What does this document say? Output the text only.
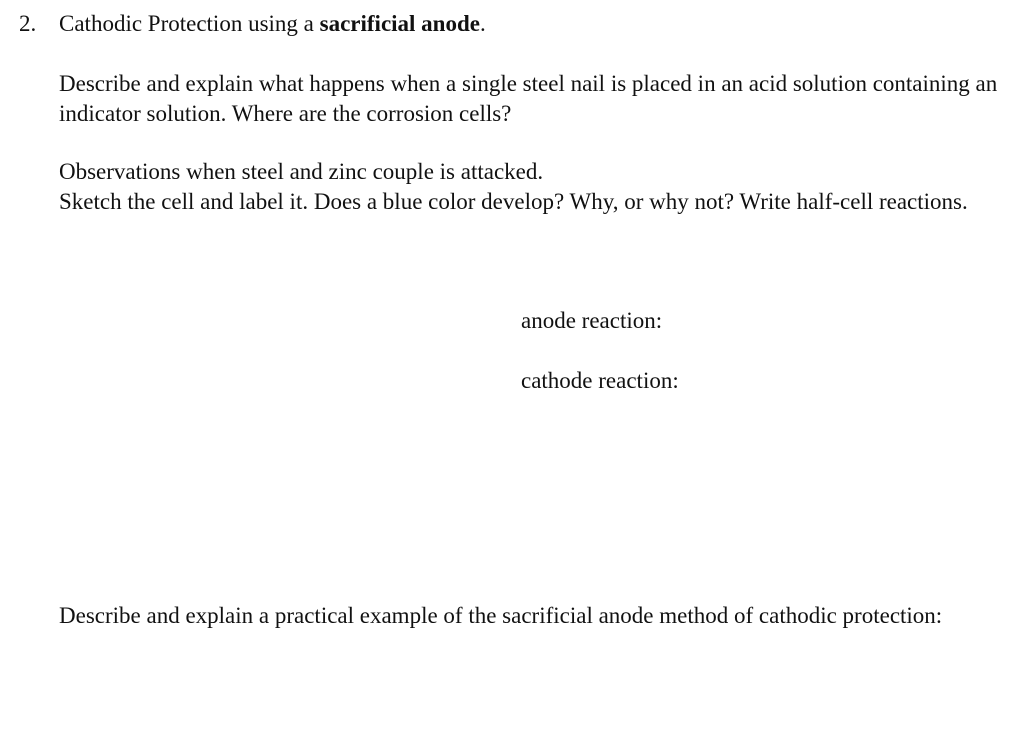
2. Cathodic Protection using a sacrificial anode.

Describe and explain what happens when a single steel nail is placed in an acid solution containing an indicator solution. Where are the corrosion cells?

Observations when steel and zinc couple is attacked.

Sketch the cell and label it. Does a blue color develop? Why, or why not? Write half-cell reactions.

anode reaction:

cathode reaction:

Describe and explain a practical example of the sacrificial anode method of cathodic protection:
